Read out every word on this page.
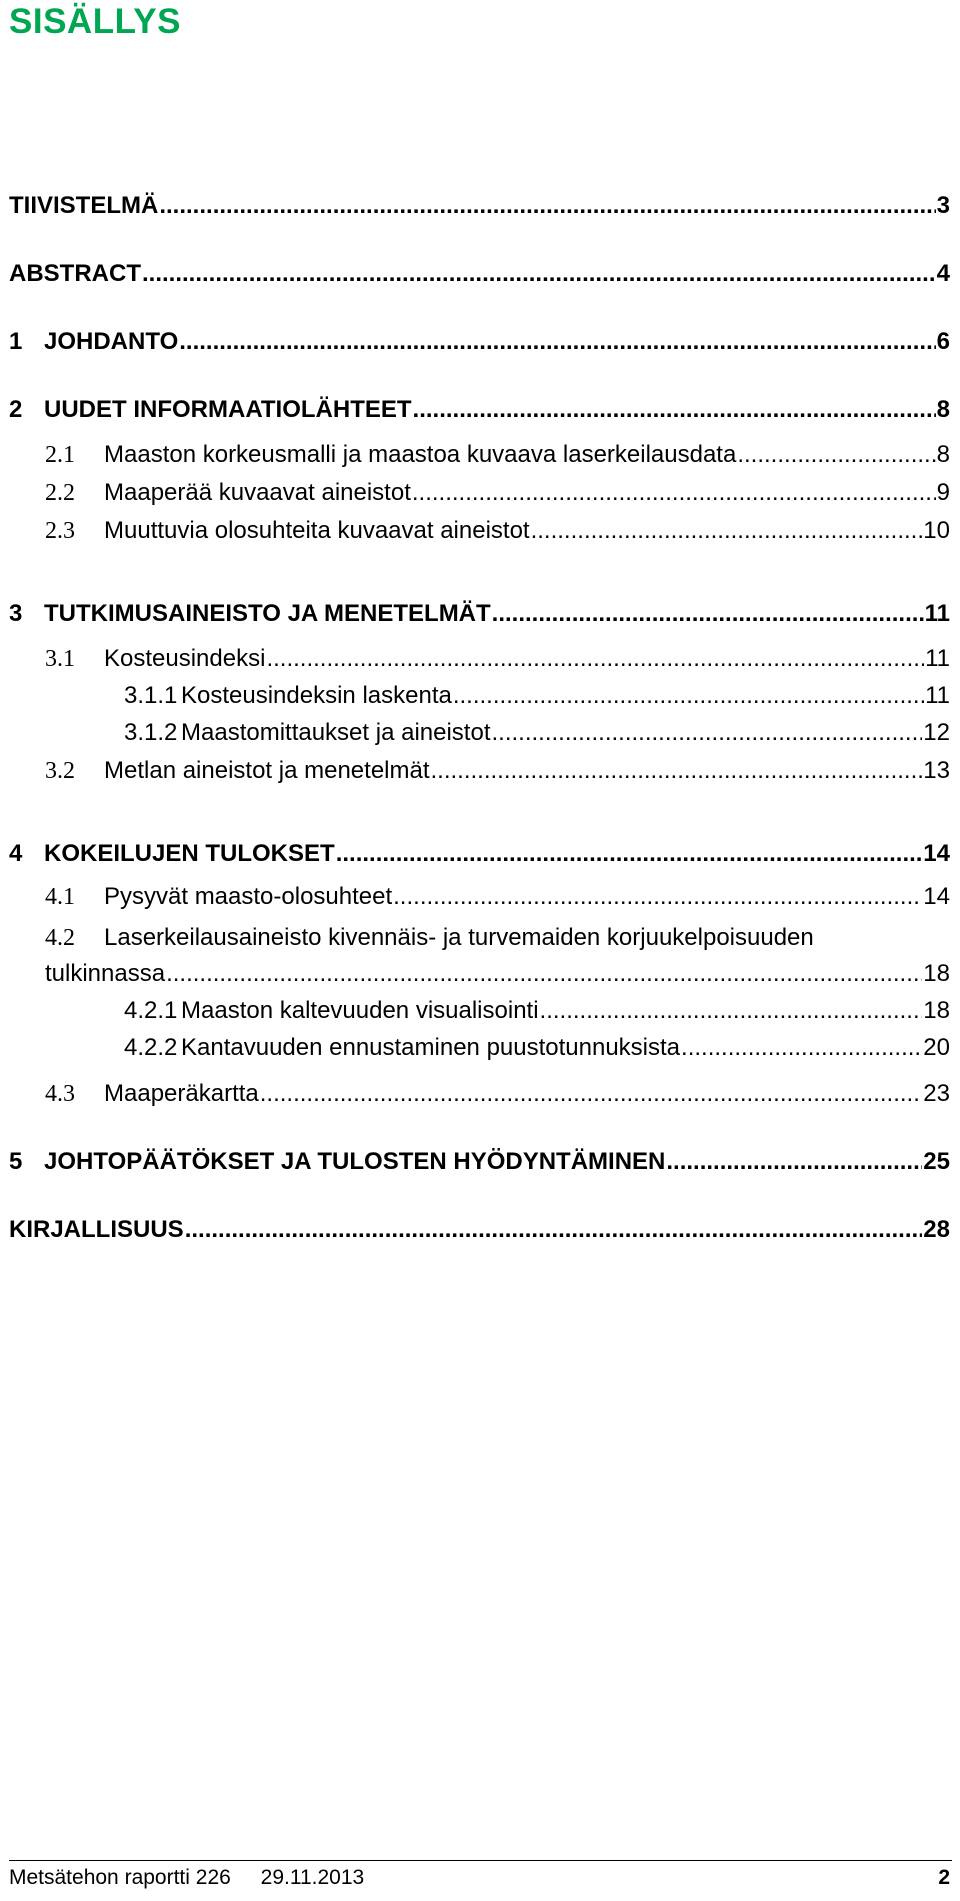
SISÄLLYS
TIIVISTELMÄ .....	3
ABSTRACT .....	4
1 JOHDANTO .....	6
2 UUDET INFORMAATIOLÄHTEET .....	8
2.1	Maaston korkeusmalli ja maastoa kuvaava laserkeilausdata .....	8
2.2	Maaperää kuvaavat aineistot .....	9
2.3	Muuttuvia olosuhteita kuvaavat aineistot .....	10
3 TUTKIMUSAINEISTO JA MENETELMÄT .....	11
3.1	Kosteusindeksi .....	11
3.1.1 Kosteusindeksin laskenta .....	11
3.1.2 Maastomittaukset ja aineistot .....	12
3.2	Metlan aineistot ja menetelmät .....	13
4 KOKEILUJEN TULOKSET .....	14
4.1	Pysyvät maasto-olosuhteet .....	14
4.2	Laserkeilausaineisto kivennäis- ja turvemaiden korjuukelpoisuuden
tulkinnassa .....	18
4.2.1 Maaston kaltevuuden visualisointi .....	18
4.2.2 Kantavuuden ennustaminen puustotunnuksista .....	20
4.3	Maaperäkartta .....	23
5 JOHTOPÄÄTÖKSET JA TULOSTEN HYÖDYNTÄMINEN .....	25
KIRJALLISUUS .....	28
Metsätehon raportti 226 29.11.2013	2
